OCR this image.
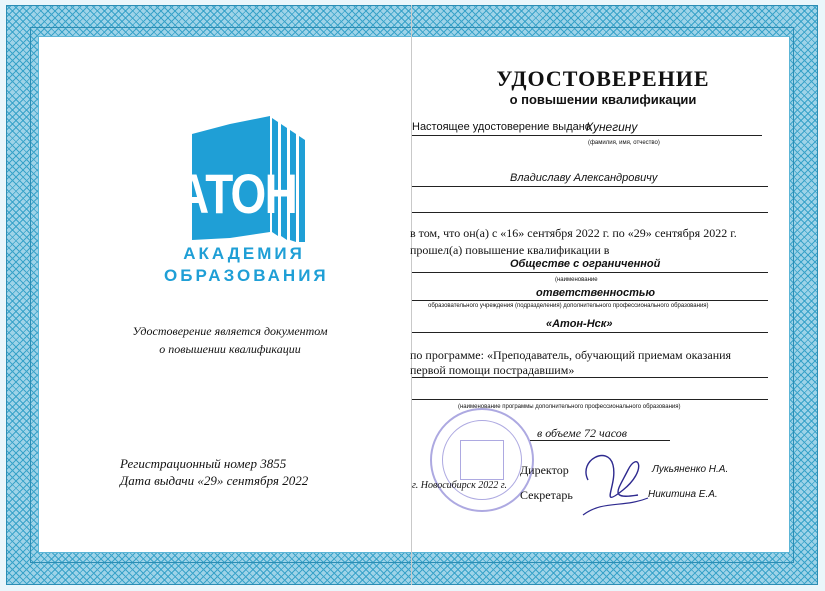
АТОН
АКАДЕМИЯ
ОБРАЗОВАНИЯ
Удостоверение является документом
о повышении квалификации
Регистрационный номер 3855
Дата выдачи «29» сентября 2022
УДОСТОВЕРЕНИЕ
о повышении квалификации
Настоящее удостоверение выдано
Кунегину
(фамилия, имя, отчество)
Владиславу Александровичу
в том, что он(а) с «16» сентября 2022 г. по «29» сентября 2022 г.
прошел(а) повышение квалификации в
Обществе с ограниченной
(наименование
ответственностью
образовательного учреждения (подразделения) дополнительного профессионального образования)
«Атон-Нск»
по программе: «Преподаватель, обучающий приемам оказания
первой помощи пострадавшим»
(наименование программы дополнительного профессионального образования)
в объеме 72 часов
Директор	Лукьяненко Н.А.
г. Новосибирск 2022 г.
Секретарь	Никитина Е.А.
